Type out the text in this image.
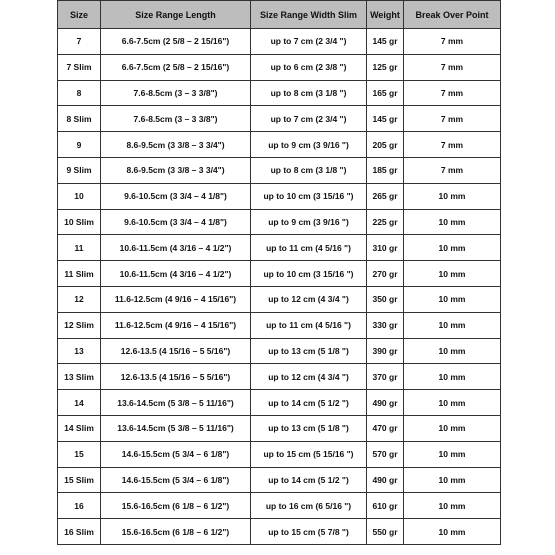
Size	Size Range Length	Size Range Width Slim	Weight	Break Over Point
7	6.6-7.5cm (2 5/8 – 2 15/16")	up to 7 cm (2 3/4 ")	145 gr	7 mm
7 Slim	6.6-7.5cm (2 5/8 – 2 15/16")	up to 6 cm (2 3/8 ")	125 gr	7 mm
8	7.6-8.5cm (3 – 3 3/8")	up to 8 cm (3 1/8 ")	165 gr	7 mm
8 Slim	7.6-8.5cm (3 – 3 3/8")	up to 7 cm (2 3/4 ")	145 gr	7 mm
9	8.6-9.5cm (3 3/8 – 3 3/4")	up to 9 cm (3 9/16 ")	205 gr	7 mm
9 Slim	8.6-9.5cm (3 3/8 – 3 3/4")	up to 8 cm (3 1/8 ")	185 gr	7 mm
10	9.6-10.5cm (3 3/4 – 4 1/8")	up to 10 cm (3 15/16 ")	265 gr	10 mm
10 Slim	9.6-10.5cm (3 3/4 – 4 1/8")	up to 9 cm (3 9/16 ")	225 gr	10 mm
11	10.6-11.5cm (4 3/16 – 4 1/2")	up to 11 cm (4 5/16 ")	310 gr	10 mm
11 Slim	10.6-11.5cm (4 3/16 – 4 1/2")	up to 10 cm (3 15/16 ")	270 gr	10 mm
12	11.6-12.5cm (4 9/16 – 4 15/16")	up to 12 cm (4 3/4 ")	350 gr	10 mm
12 Slim	11.6-12.5cm (4 9/16 – 4 15/16")	up to 11 cm (4 5/16 ")	330 gr	10 mm
13	12.6-13.5 (4 15/16 – 5 5/16")	up to 13 cm (5 1/8 ")	390 gr	10 mm
13 Slim	12.6-13.5 (4 15/16 – 5 5/16")	up to 12 cm (4 3/4 ")	370 gr	10 mm
14	13.6-14.5cm (5 3/8 – 5 11/16")	up to 14 cm (5 1/2 ")	490 gr	10 mm
14 Slim	13.6-14.5cm (5 3/8 – 5 11/16")	up to 13 cm (5 1/8 ")	470 gr	10 mm
15	14.6-15.5cm (5 3/4 – 6 1/8")	up to 15 cm (5 15/16 ")	570 gr	10 mm
15 Slim	14.6-15.5cm (5 3/4 – 6 1/8")	up to 14 cm (5 1/2 ")	490 gr	10 mm
16	15.6-16.5cm (6 1/8 – 6 1/2")	up to 16 cm (6 5/16 ")	610 gr	10 mm
16 Slim	15.6-16.5cm (6 1/8 – 6 1/2")	up to 15 cm (5 7/8 ")	550 gr	10 mm
